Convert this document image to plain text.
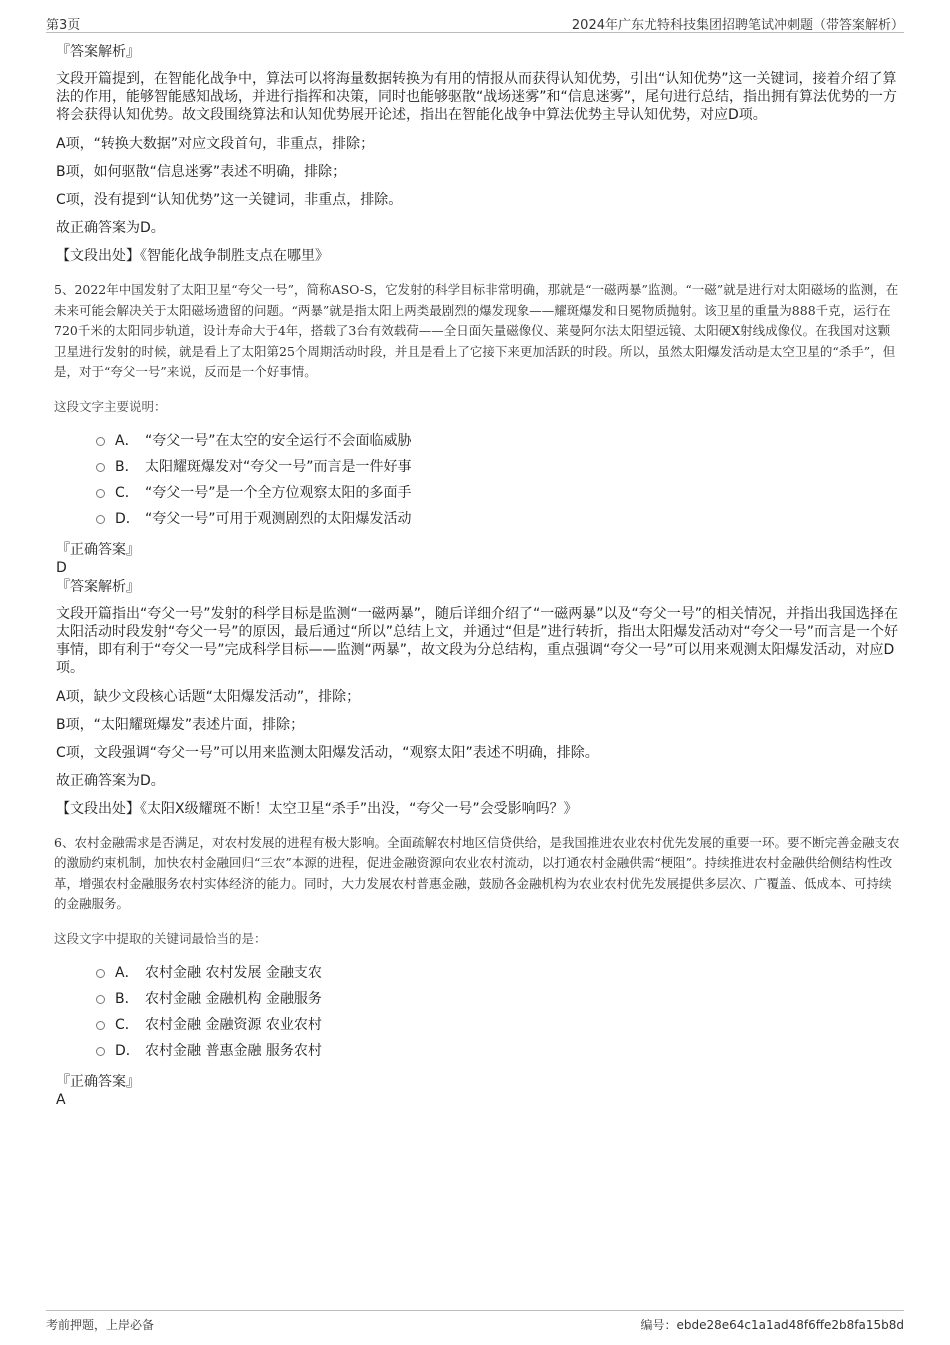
第3页	2024年广东尤特科技集团招聘笔试冲刺题（带答案解析）
『答案解析』
文段开篇提到，在智能化战争中，算法可以将海量数据转换为有用的情报从而获得认知优势，引出“认知优势”这一关键词，接着介绍了算法的作用，能够智能感知战场，并进行指挥和决策，同时也能够驱散“战场迷雾”和“信息迷雾”，尾句进行总结，指出拥有算法优势的一方将会获得认知优势。故文段围绕算法和认知优势展开论述，指出在智能化战争中算法优势主导认知优势，对应D项。
A项，“转换大数据”对应文段首句，非重点，排除；
B项，如何驱散“信息迷雾”表述不明确，排除；
C项，没有提到“认知优势”这一关键词，非重点，排除。
故正确答案为D。
【文段出处】《智能化战争制胜支点在哪里》
5、2022年中国发射了太阳卫星“夸父一号”，简称ASO-S，它发射的科学目标非常明确，那就是“一磁两暴”监测。“一磁”就是进行对太阳磁场的监测，在未来可能会解决关于太阳磁场遗留的问题。“两暴”就是指太阳上两类最剧烈的爆发现象——耀斑爆发和日冕物质抛射。该卫星的重量为888千克，运行在720千米的太阳同步轨道，设计寿命大于4年，搭载了3台有效载荷——全日面矢量磁像仪、莱曼阿尔法太阳望远镜、太阳硬X射线成像仪。在我国对这颗卫星进行发射的时候，就是看上了太阳第25个周期活动时段，并且是看上了它接下来更加活跃的时段。所以，虽然太阳爆发活动是太空卫星的“杀手”，但是，对于“夸父一号”来说，反而是一个好事情。
这段文字主要说明：
A． “夸父一号”在太空的安全运行不会面临威胁
B． 太阳耀斑爆发对“夸父一号”而言是一件好事
C． “夸父一号”是一个全方位观察太阳的多面手
D． “夸父一号”可用于观测剧烈的太阳爆发活动
『正确答案』
D
『答案解析』
文段开篇指出“夸父一号”发射的科学目标是监测“一磁两暴”，随后详细介绍了“一磁两暴”以及“夸父一号”的相关情况，并指出我国选择在太阳活动时段发射“夸父一号”的原因，最后通过“所以”总结上文，并通过“但是”进行转折，指出太阳爆发活动对“夸父一号”而言是一个好事情，即有利于“夸父一号”完成科学目标——监测“两暴”，故文段为分总结构，重点强调“夸父一号”可以用来观测太阳爆发活动，对应D项。
A项，缺少文段核心话题“太阳爆发活动”，排除；
B项，“太阳耀斑爆发”表述片面，排除；
C项，文段强调“夸父一号”可以用来监测太阳爆发活动，“观察太阳”表述不明确，排除。
故正确答案为D。
【文段出处】《太阳X级耀斑不断！太空卫星“杀手”出没，“夸父一号”会受影响吗？》
6、农村金融需求是否满足，对农村发展的进程有极大影响。全面疏解农村地区信贷供给，是我国推进农业农村优先发展的重要一环。要不断完善金融支农的激励约束机制，加快农村金融回归“三农”本源的进程，促进金融资源向农业农村流动，以打通农村金融供需“梗阻”。持续推进农村金融供给侧结构性改革，增强农村金融服务农村实体经济的能力。同时，大力发展农村普惠金融，鼓励各金融机构为农业农村优先发展提供多层次、广覆盖、低成本、可持续的金融服务。
这段文字中提取的关键词最恰当的是：
A． 农村金融 农村发展 金融支农
B． 农村金融 金融机构 金融服务
C． 农村金融 金融资源 农业农村
D． 农村金融 普惠金融 服务农村
『正确答案』
A
考前押题，上岸必备	编号：ebde28e64c1a1ad48f6ffe2b8fa15b8d
